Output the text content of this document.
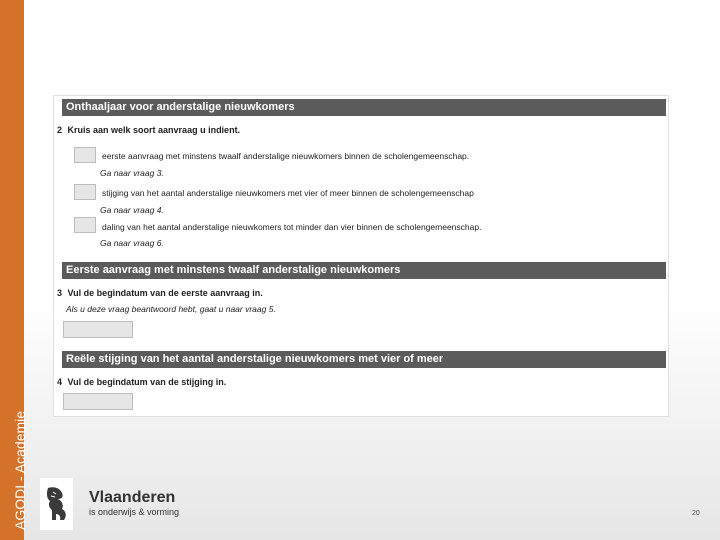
AGODI - Academie
Onthaaljaar voor anderstalige nieuwkomers
2 Kruis aan welk soort aanvraag u indient.
eerste aanvraag met minstens twaalf anderstalige nieuwkomers binnen de scholengemeenschap.
Ga naar vraag 3.
stijging van het aantal anderstalige nieuwkomers met vier of meer binnen de scholengemeenschap
Ga naar vraag 4.
daling van het aantal anderstalige nieuwkomers tot minder dan vier binnen de scholengemeenschap.
Ga naar vraag 6.
Eerste aanvraag met minstens twaalf anderstalige nieuwkomers
3 Vul de begindatum van de eerste aanvraag in.
Als u deze vraag beantwoord hebt, gaat u naar vraag 5.
Reële stijging van het aantal anderstalige nieuwkomers met vier of meer
4 Vul de begindatum van de stijging in.
Vlaanderen
is onderwijs & vorming	20
